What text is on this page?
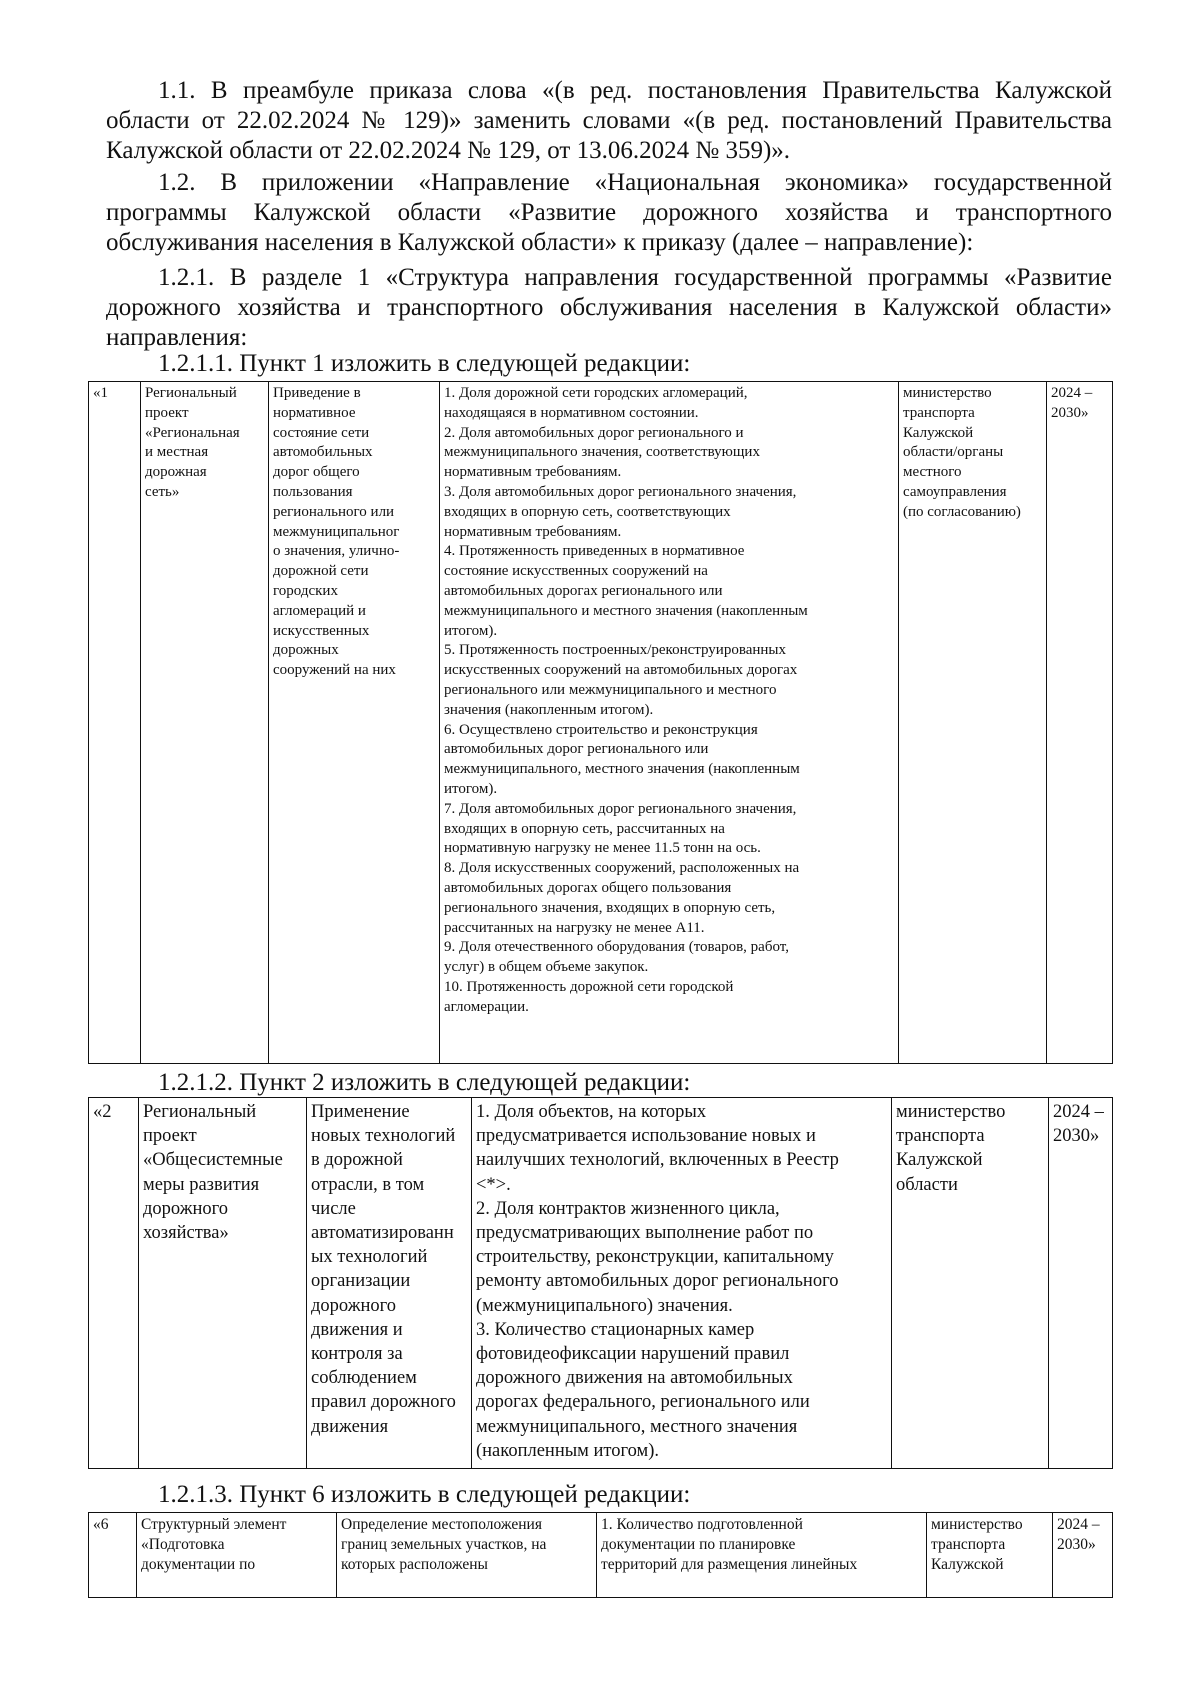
1.1. В преамбуле приказа слова «(в ред. постановления Правительства Калужской области от 22.02.2024 № 129)» заменить словами «(в ред. постановлений Правительства Калужской области от 22.02.2024 № 129, от 13.06.2024 № 359)».

1.2. В приложении «Направление «Национальная экономика» государственной программы Калужской области «Развитие дорожного хозяйства и транспортного обслуживания населения в Калужской области» к приказу (далее – направление):

1.2.1. В разделе 1 «Структура направления государственной программы «Развитие дорожного хозяйства и транспортного обслуживания населения в Калужской области» направления:

1.2.1.1. Пункт 1 изложить в следующей редакции:

«1	Региональный
проект
«Региональная
и местная
дорожная
сеть»

Приведение в
нормативное
состояние сети
автомобильных
дорог общего
пользования
регионального или
межмуниципальног
о значения, улично-
дорожной сети
городских
агломераций и
искусственных
дорожных
сооружений на них

1. Доля дорожной сети городских агломераций,
находящаяся в нормативном состоянии.
2. Доля автомобильных дорог регионального и
межмуниципального значения, соответствующих
нормативным требованиям.
3. Доля автомобильных дорог регионального значения,
входящих в опорную сеть, соответствующих
нормативным требованиям.
4. Протяженность приведенных в нормативное
состояние искусственных сооружений на
автомобильных дорогах регионального или
межмуниципального и местного значения (накопленным
итогом).
5. Протяженность построенных/реконструированных
искусственных сооружений на автомобильных дорогах
регионального или межмуниципального и местного
значения (накопленным итогом).
6. Осуществлено строительство и реконструкция
автомобильных дорог регионального или
межмуниципального, местного значения (накопленным
итогом).
7. Доля автомобильных дорог регионального значения,
входящих в опорную сеть, рассчитанных на
нормативную нагрузку не менее 11.5 тонн на ось.
8. Доля искусственных сооружений, расположенных на
автомобильных дорогах общего пользования
регионального значения, входящих в опорную сеть,
рассчитанных на нагрузку не менее А11.
9. Доля отечественного оборудования (товаров, работ,
услуг) в общем объеме закупок.
10. Протяженность дорожной сети городской
агломерации.

министерство
транспорта
Калужской
области/органы
местного
самоуправления
(по согласованию)

2024 –
2030»

1.2.1.2. Пункт 2 изложить в следующей редакции:

«2	Региональный
проект
«Общесистемные
меры развития
дорожного
хозяйства»

Применение
новых технологий
в дорожной
отрасли, в том
числе
автоматизированн
ых технологий
организации
дорожного
движения и
контроля за
соблюдением
правил дорожного
движения

1. Доля объектов, на которых
предусматривается использование новых и
наилучших технологий, включенных в Реестр
<*>.
2. Доля контрактов жизненного цикла,
предусматривающих выполнение работ по
строительству, реконструкции, капитальному
ремонту автомобильных дорог регионального
(межмуниципального) значения.
3. Количество стационарных камер
фотовидеофиксации нарушений правил
дорожного движения на автомобильных
дорогах федерального, регионального или
межмуниципального, местного значения
(накопленным итогом).

министерство
транспорта
Калужской
области

2024 –
2030»

1.2.1.3. Пункт 6 изложить в следующей редакции:

«6	Структурный элемент
«Подготовка
документации по

Определение местоположения
границ земельных участков, на
которых расположены

1. Количество подготовленной
документации по планировке
территорий для размещения линейных

министерство
транспорта
Калужской

2024 –
2030»
